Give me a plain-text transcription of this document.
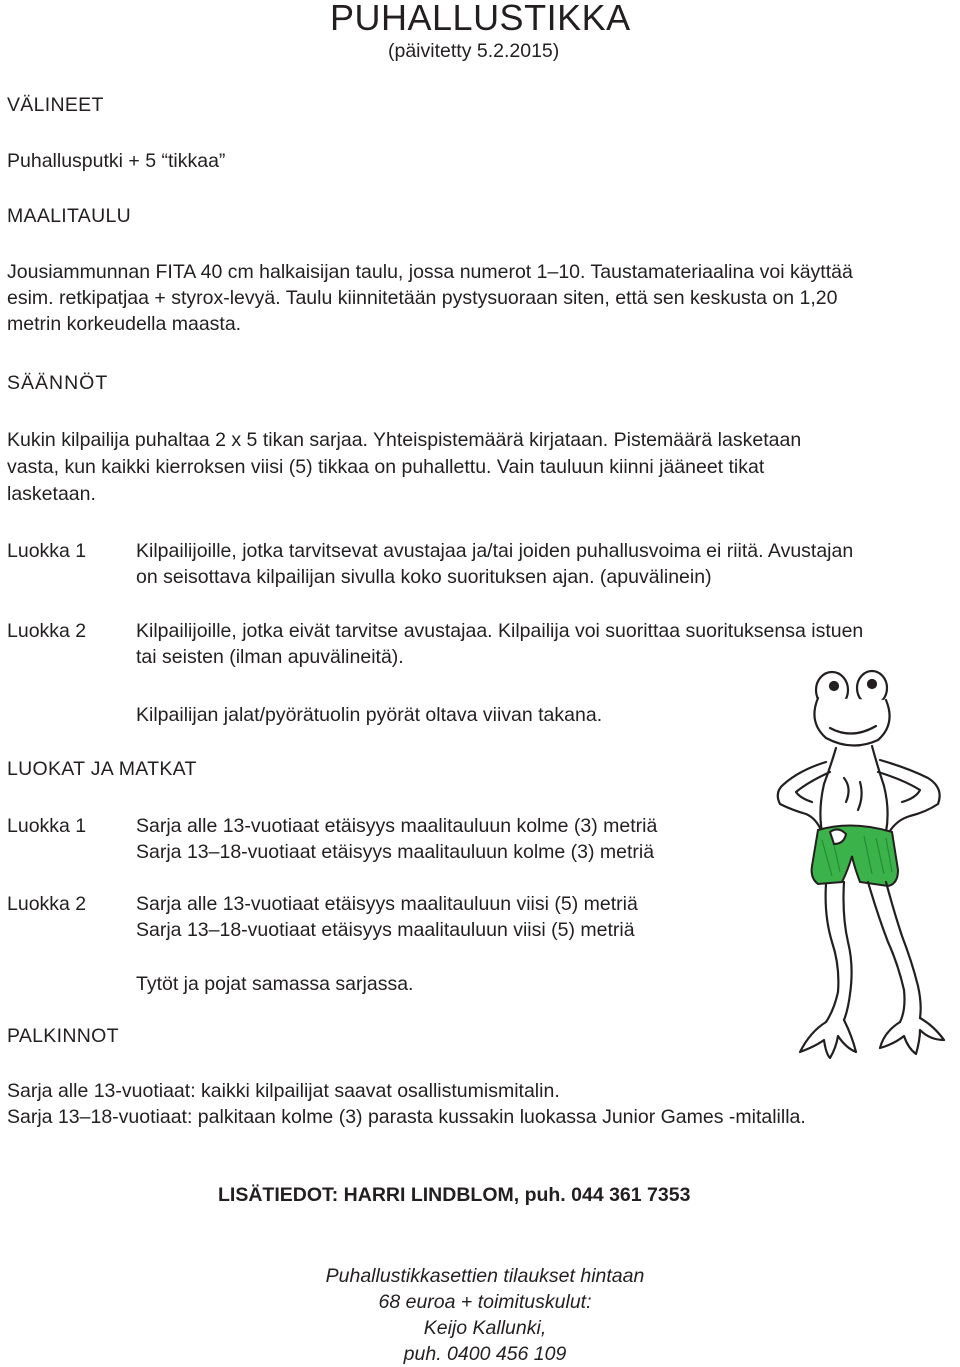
PUHALLUSTIKKA
(päivitetty 5.2.2015)
VÄLINEET
Puhallusputki + 5 “tikkaa”
MAALITAULU
Jousiammunnan FITA 40 cm halkaisijan taulu, jossa numerot 1–10. Taustamateriaalina voi käyttää
esim. retkipatjaa + styrox-levyä. Taulu kiinnitetään pystysuoraan siten, että sen keskusta on 1,20
metrin korkeudella maasta.
SÄÄNNÖT
Kukin kilpailija puhaltaa 2 x 5 tikan sarjaa. Yhteispistemäärä kirjataan. Pistemäärä lasketaan
vasta, kun kaikki kierroksen viisi (5) tikkaa on puhallettu. Vain tauluun kiinni jääneet tikat
lasketaan.
Luokka 1	Kilpailijoille, jotka tarvitsevat avustajaa ja/tai joiden puhallusvoima ei riitä. Avustajan
on seisottava kilpailijan sivulla koko suorituksen ajan. (apuvälinein)
Luokka 2	Kilpailijoille, jotka eivät tarvitse avustajaa. Kilpailija voi suorittaa suorituksensa istuen
tai seisten (ilman apuvälineitä).
Kilpailijan jalat/pyörätuolin pyörät oltava viivan takana.
LUOKAT JA MATKAT
Luokka 1	Sarja alle 13-vuotiaat etäisyys maalitauluun kolme (3) metriä
Sarja 13–18-vuotiaat etäisyys maalitauluun kolme (3) metriä
Luokka 2	Sarja alle 13-vuotiaat etäisyys maalitauluun viisi (5) metriä
Sarja 13–18-vuotiaat etäisyys maalitauluun viisi (5) metriä
Tytöt ja pojat samassa sarjassa.
PALKINNOT
Sarja alle 13-vuotiaat: kaikki kilpailijat saavat osallistumismitalin.
Sarja 13–18-vuotiaat: palkitaan kolme (3) parasta kussakin luokassa Junior Games -mitalilla.
LISÄTIEDOT: HARRI LINDBLOM, puh. 044 361 7353
Puhallustikkasettien tilaukset hintaan
68 euroa + toimituskulut:
Keijo Kallunki,
puh. 0400 456 109
